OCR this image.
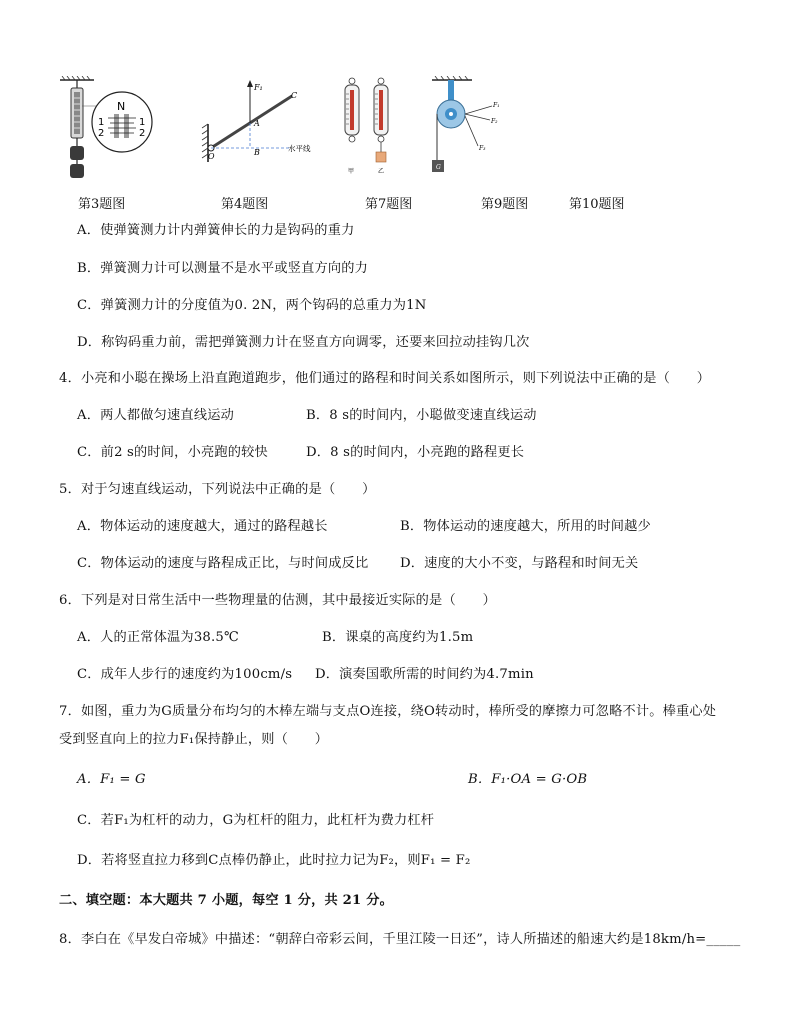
N
1
2
1
2
F₁
C
A
B
O
水平线
甲	乙
G
F₁
F₂
F₃
第3题图	第4题图	第7题图	第9题图	第10题图
A．使弹簧测力计内弹簧伸长的力是钩码的重力
B．弹簧测力计可以测量不是水平或竖直方向的力
C．弹簧测力计的分度值为0. 2N，两个钩码的总重力为1N
D．称钩码重力前，需把弹簧测力计在竖直方向调零，还要来回拉动挂钩几次
4．小亮和小聪在操场上沿直跑道跑步，他们通过的路程和时间关系如图所示，则下列说法中正确的是（　　）
A．两人都做匀速直线运动	B．8 s的时间内，小聪做变速直线运动
C．前2 s的时间，小亮跑的较快	D．8 s的时间内，小亮跑的路程更长
5．对于匀速直线运动，下列说法中正确的是（　　）
A．物体运动的速度越大，通过的路程越长	B．物体运动的速度越大，所用的时间越少
C．物体运动的速度与路程成正比，与时间成反比 D．速度的大小不变，与路程和时间无关
6．下列是对日常生活中一些物理量的估测，其中最接近实际的是（　　）
A．人的正常体温为38.5℃	B．课桌的高度约为1.5m
C．成年人步行的速度约为100cm/s D．演奏国歌所需的时间约为4.7min
7．如图，重力为G质量分布均匀的木棒左端与支点O连接，绕O转动时，棒所受的摩擦力可忽略不计。棒重心处
受到竖直向上的拉力F₁保持静止，则（　　）
A．F₁ = G	B．F₁·OA = G·OB
C．若F₁为杠杆的动力，G为杠杆的阻力，此杠杆为费力杠杆
D．若将竖直拉力移到C点棒仍静止，此时拉力记为F₂，则F₁ = F₂
二、填空题：本大题共 7 小题，每空 1 分，共 21 分。
8．李白在《早发白帝城》中描述：“朝辞白帝彩云间，千里江陵一日还”，诗人所描述的船速大约是18km/h=_____
